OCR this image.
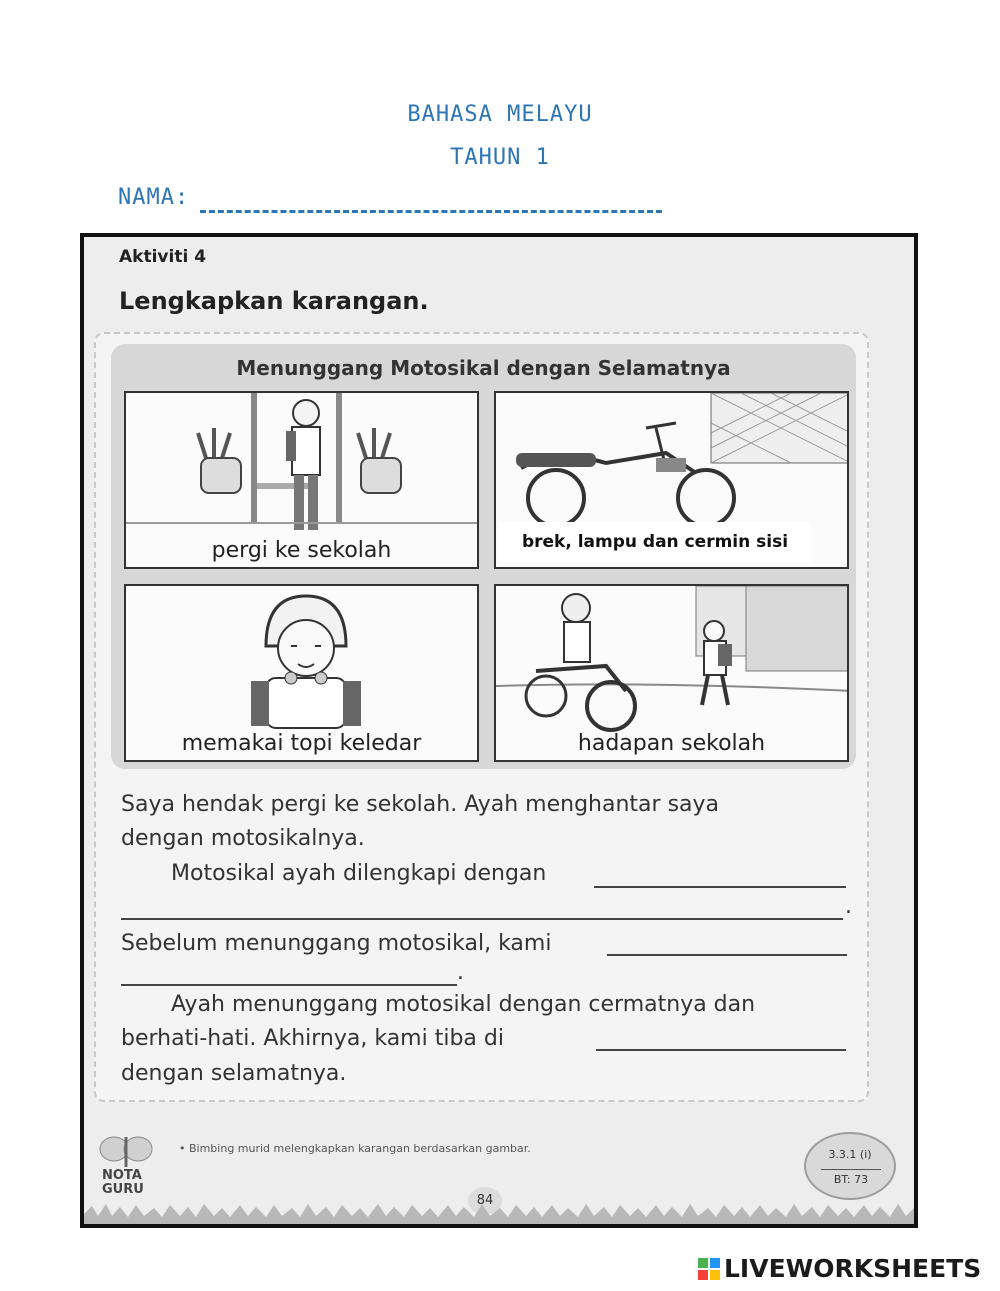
BAHASA MELAYU
TAHUN 1
NAMA:
Aktiviti 4
Lengkapkan karangan.
Menunggang Motosikal dengan Selamatnya
pergi ke sekolah	brek, lampu dan cermin sisi
memakai topi keledar	hadapan sekolah
Saya hendak pergi ke sekolah. Ayah menghantar saya
dengan motosikalnya.
Motosikal ayah dilengkapi dengan
.
Sebelum menunggang motosikal, kami
.
Ayah menunggang motosikal dengan cermatnya dan
berhati-hati. Akhirnya, kami tiba di
dengan selamatnya.
NOTA
GURU
• Bimbing murid melengkapkan karangan berdasarkan gambar.
84
3.3.1 (i)
BT: 73
LIVEWORKSHEETS
